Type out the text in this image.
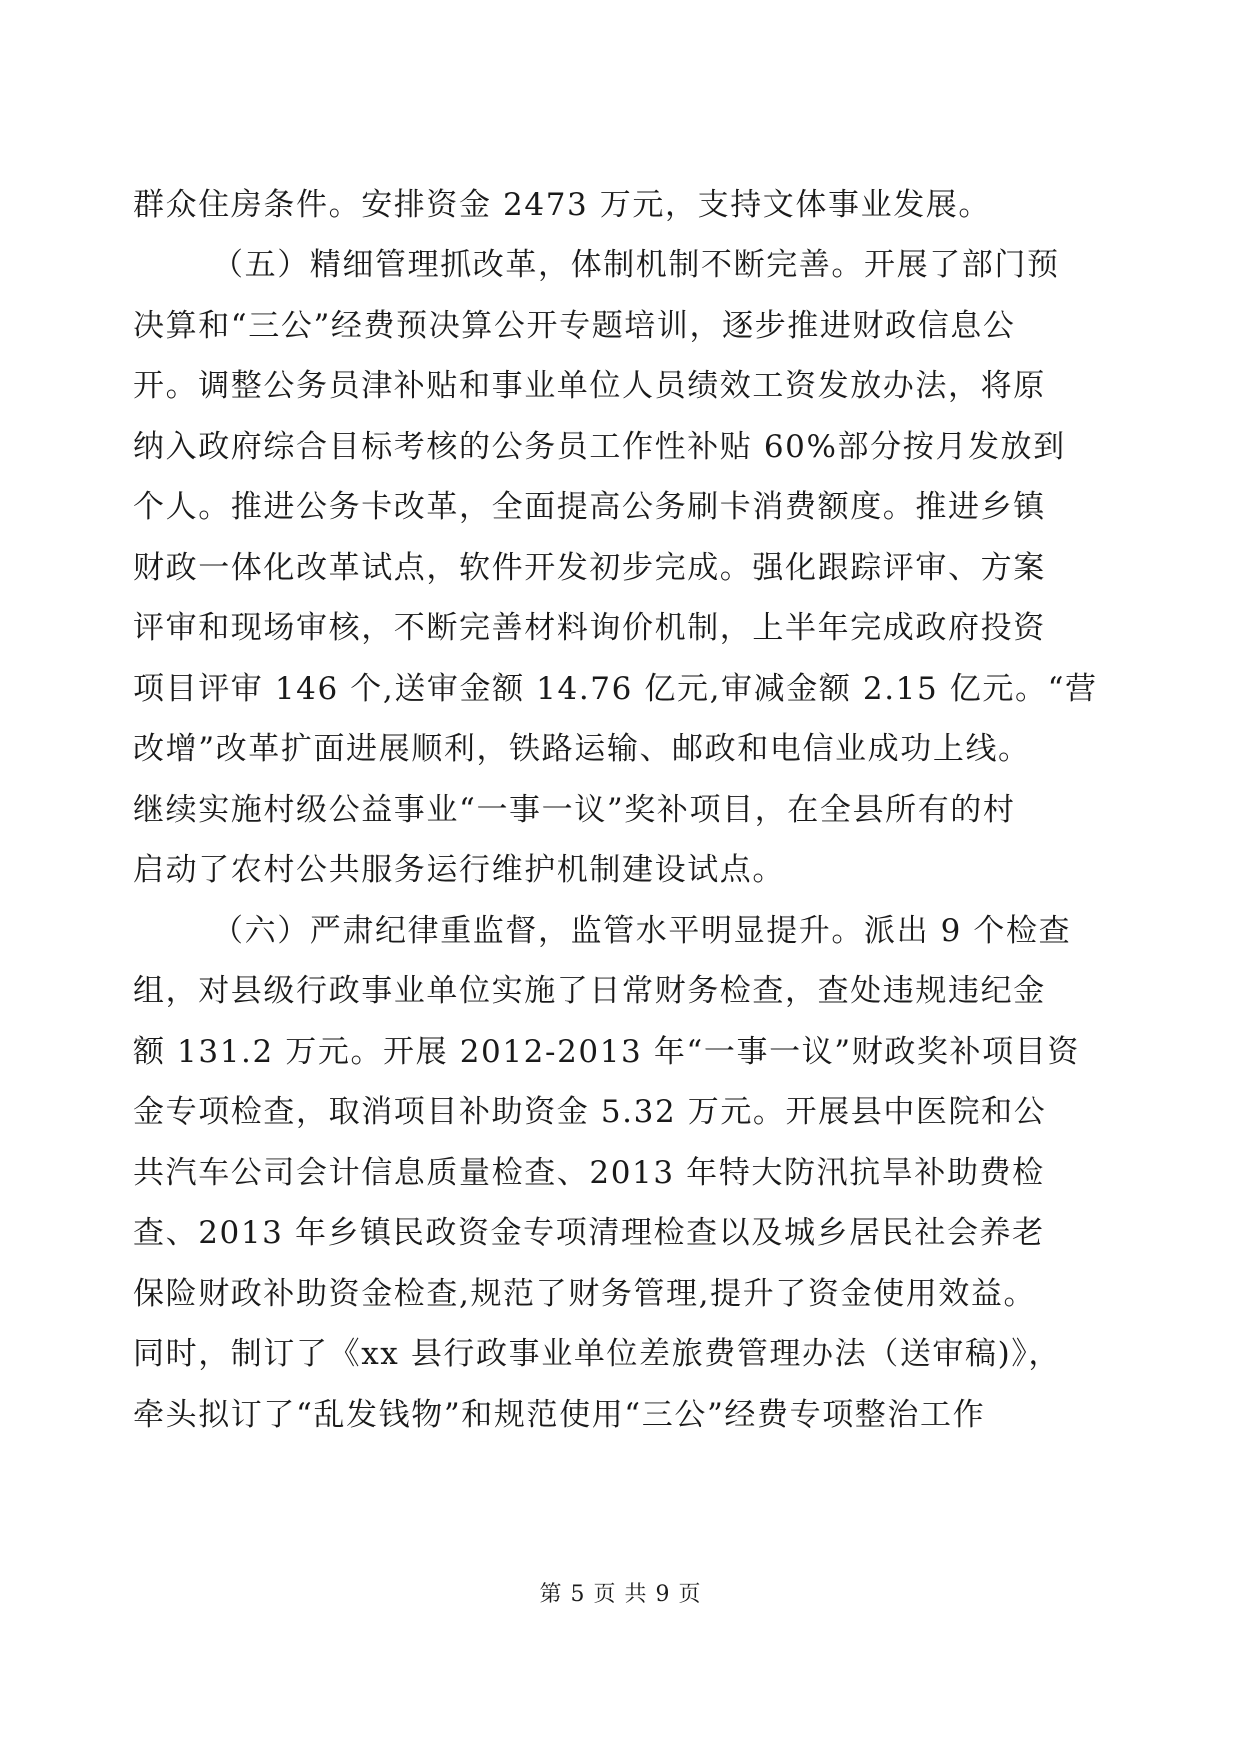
群众住房条件。安排资金 2473 万元，支持文体事业发展。
（五）精细管理抓改革，体制机制不断完善。开展了部门预
决算和“三公”经费预决算公开专题培训，逐步推进财政信息公
开。调整公务员津补贴和事业单位人员绩效工资发放办法，将原
纳入政府综合目标考核的公务员工作性补贴 60%部分按月发放到
个人。推进公务卡改革，全面提高公务刷卡消费额度。推进乡镇
财政一体化改革试点，软件开发初步完成。强化跟踪评审、方案
评审和现场审核，不断完善材料询价机制，上半年完成政府投资
项目评审 146 个,送审金额 14.76 亿元,审减金额 2.15 亿元。“营
改增”改革扩面进展顺利，铁路运输、邮政和电信业成功上线。
继续实施村级公益事业“一事一议”奖补项目，在全县所有的村
启动了农村公共服务运行维护机制建设试点。
（六）严肃纪律重监督，监管水平明显提升。派出 9 个检查
组，对县级行政事业单位实施了日常财务检查，查处违规违纪金
额 131.2 万元。开展 2012-2013 年“一事一议”财政奖补项目资
金专项检查，取消项目补助资金 5.32 万元。开展县中医院和公
共汽车公司会计信息质量检查、2013 年特大防汛抗旱补助费检
查、2013 年乡镇民政资金专项清理检查以及城乡居民社会养老
保险财政补助资金检查,规范了财务管理,提升了资金使用效益。
同时，制订了《xx 县行政事业单位差旅费管理办法（送审稿)》，
牵头拟订了“乱发钱物”和规范使用“三公”经费专项整治工作
第 5 页 共 9 页
